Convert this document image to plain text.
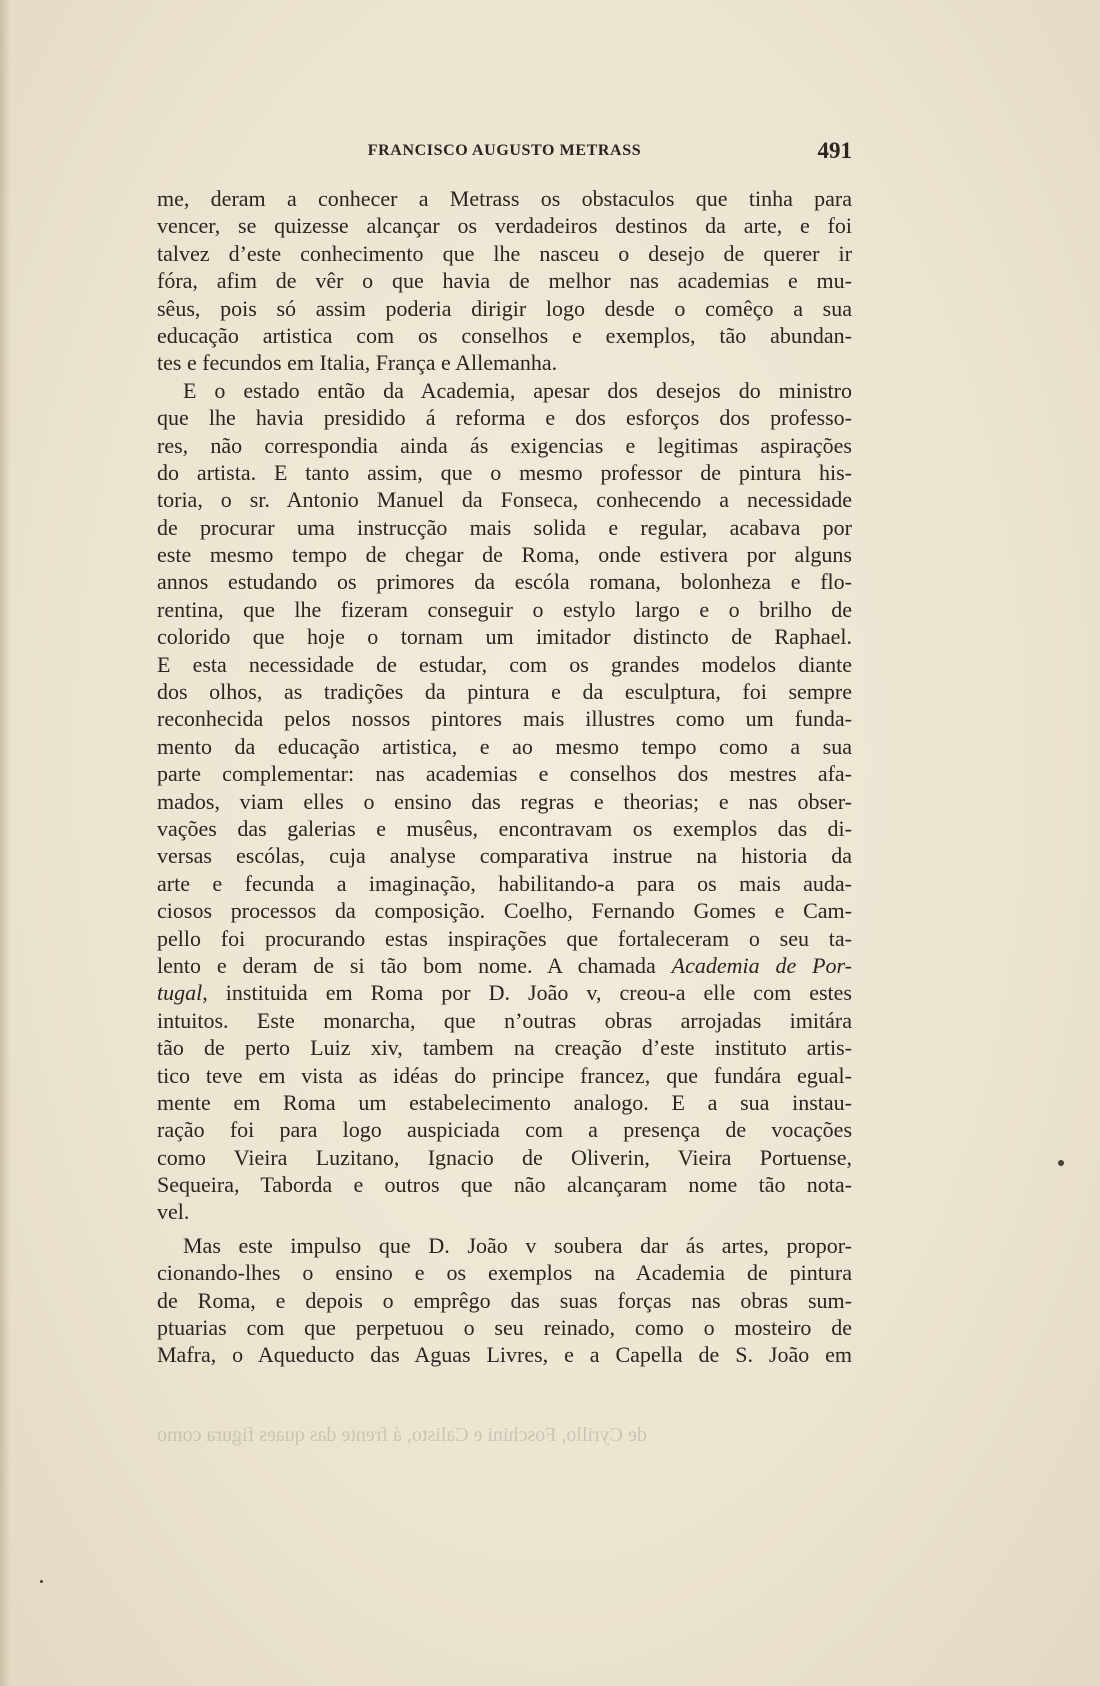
FRANCISCO AUGUSTO METRASS	491
me, deram a conhecer a Metrass os obstaculos que tinha para
vencer, se quizesse alcançar os verdadeiros destinos da arte, e foi
talvez d’este conhecimento que lhe nasceu o desejo de querer ir
fóra, afim de vêr o que havia de melhor nas academias e mu-
sêus, pois só assim poderia dirigir logo desde o comêço a sua
educação artistica com os conselhos e exemplos, tão abundan-
tes e fecundos em Italia, França e Allemanha.
E o estado então da Academia, apesar dos desejos do ministro
que lhe havia presidido á reforma e dos esforços dos professo-
res, não correspondia ainda ás exigencias e legitimas aspirações
do artista. E tanto assim, que o mesmo professor de pintura his-
toria, o sr. Antonio Manuel da Fonseca, conhecendo a necessidade
de procurar uma instrucção mais solida e regular, acabava por
este mesmo tempo de chegar de Roma, onde estivera por alguns
annos estudando os primores da escóla romana, bolonheza e flo-
rentina, que lhe fizeram conseguir o estylo largo e o brilho de
colorido que hoje o tornam um imitador distincto de Raphael.
E esta necessidade de estudar, com os grandes modelos diante
dos olhos, as tradições da pintura e da esculptura, foi sempre
reconhecida pelos nossos pintores mais illustres como um funda-
mento da educação artistica, e ao mesmo tempo como a sua
parte complementar: nas academias e conselhos dos mestres afa-
mados, viam elles o ensino das regras e theorias; e nas obser-
vações das galerias e musêus, encontravam os exemplos das di-
versas escólas, cuja analyse comparativa instrue na historia da
arte e fecunda a imaginação, habilitando-a para os mais auda-
ciosos processos da composição. Coelho, Fernando Gomes e Cam-
pello foi procurando estas inspirações que fortaleceram o seu ta-
lento e deram de si tão bom nome. A chamada Academia de Por-
tugal, instituida em Roma por D. João v, creou-a elle com estes
intuitos. Este monarcha, que n’outras obras arrojadas imitára
tão de perto Luiz xiv, tambem na creação d’este instituto artis-
tico teve em vista as idéas do principe francez, que fundára egual-
mente em Roma um estabelecimento analogo. E a sua instau-
ração foi para logo auspiciada com a presença de vocações
como Vieira Luzitano, Ignacio de Oliverin, Vieira Portuense,
Sequeira, Taborda e outros que não alcançaram nome tão nota-
vel.
Mas este impulso que D. João v soubera dar ás artes, propor-
cionando-lhes o ensino e os exemplos na Academia de pintura
de Roma, e depois o emprêgo das suas forças nas obras sum-
ptuarias com que perpetuou o seu reinado, como o mosteiro de
Mafra, o Aqueducto das Aguas Livres, e a Capella de S. João em
de Cyrillo, Foschini e Calisto, á frente das quaes figura como
